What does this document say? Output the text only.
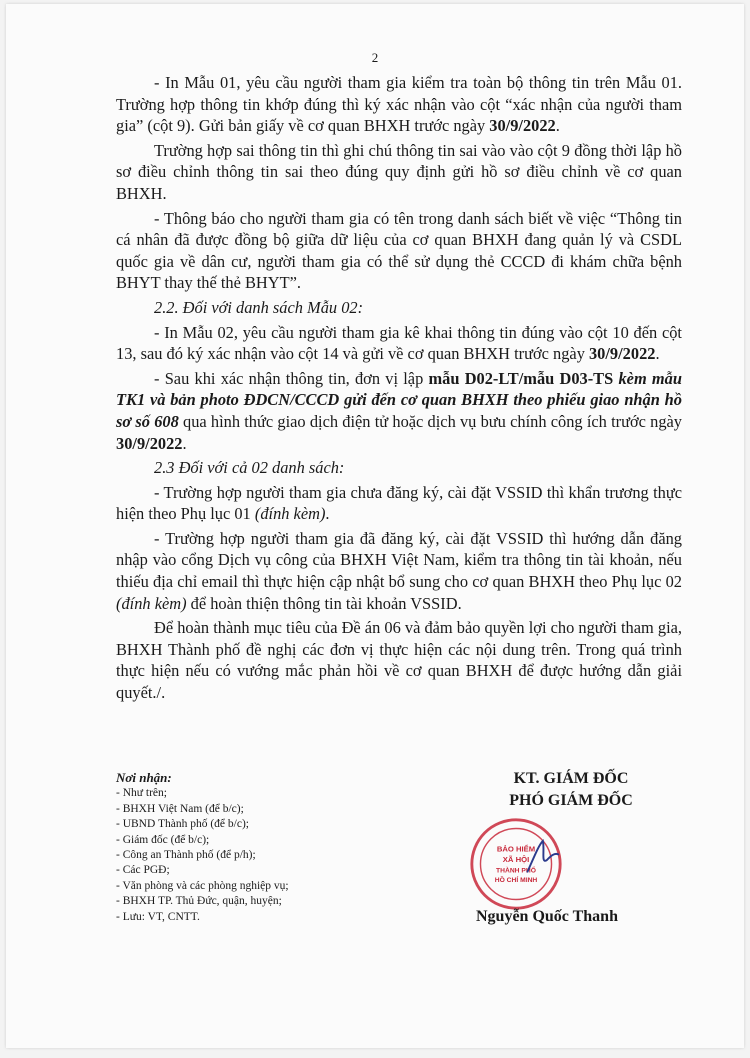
2

- In Mẫu 01, yêu cầu người tham gia kiểm tra toàn bộ thông tin trên Mẫu 01. Trường hợp thông tin khớp đúng thì ký xác nhận vào cột “xác nhận của người tham gia” (cột 9). Gửi bản giấy về cơ quan BHXH trước ngày 30/9/2022.

Trường hợp sai thông tin thì ghi chú thông tin sai vào vào cột 9 đồng thời lập hồ sơ điều chỉnh thông tin sai theo đúng quy định gửi hồ sơ điều chỉnh về cơ quan BHXH.

- Thông báo cho người tham gia có tên trong danh sách biết về việc “Thông tin cá nhân đã được đồng bộ giữa dữ liệu của cơ quan BHXH đang quản lý và CSDL quốc gia về dân cư, người tham gia có thể sử dụng thẻ CCCD đi khám chữa bệnh BHYT thay thế thẻ BHYT”.

2.2. Đối với danh sách Mẫu 02:

- In Mẫu 02, yêu cầu người tham gia kê khai thông tin đúng vào cột 10 đến cột 13, sau đó ký xác nhận vào cột 14 và gửi về cơ quan BHXH trước ngày 30/9/2022.

- Sau khi xác nhận thông tin, đơn vị lập mẫu D02-LT/mẫu D03-TS kèm mẫu TK1 và bản photo ĐDCN/CCCD gửi đến cơ quan BHXH theo phiếu giao nhận hồ sơ số 608 qua hình thức giao dịch điện tử hoặc dịch vụ bưu chính công ích trước ngày 30/9/2022.

2.3 Đối với cả 02 danh sách:

- Trường hợp người tham gia chưa đăng ký, cài đặt VSSID thì khẩn trương thực hiện theo Phụ lục 01 (đính kèm).

- Trường hợp người tham gia đã đăng ký, cài đặt VSSID thì hướng dẫn đăng nhập vào cổng Dịch vụ công của BHXH Việt Nam, kiểm tra thông tin tài khoản, nếu thiếu địa chỉ email thì thực hiện cập nhật bổ sung cho cơ quan BHXH theo Phụ lục 02 (đính kèm) để hoàn thiện thông tin tài khoản VSSID.

Để hoàn thành mục tiêu của Đề án 06 và đảm bảo quyền lợi cho người tham gia, BHXH Thành phố đề nghị các đơn vị thực hiện các nội dung trên. Trong quá trình thực hiện nếu có vướng mắc phản hồi về cơ quan BHXH để được hướng dẫn giải quyết./.

Nơi nhận:
- Như trên;
- BHXH Việt Nam (để b/c);
- UBND Thành phố (để b/c);
- Giám đốc (để b/c);
- Công an Thành phố (để p/h);
- Các PGĐ;
- Văn phòng và các phòng nghiệp vụ;
- BHXH TP. Thủ Đức, quận, huyện;
- Lưu: VT, CNTT.
KT. GIÁM ĐỐC
PHÓ GIÁM ĐỐC
BẢO HIỂM
XÃ HỘI
THÀNH PHỐ
HỒ CHÍ MINH
Nguyễn Quốc Thanh
